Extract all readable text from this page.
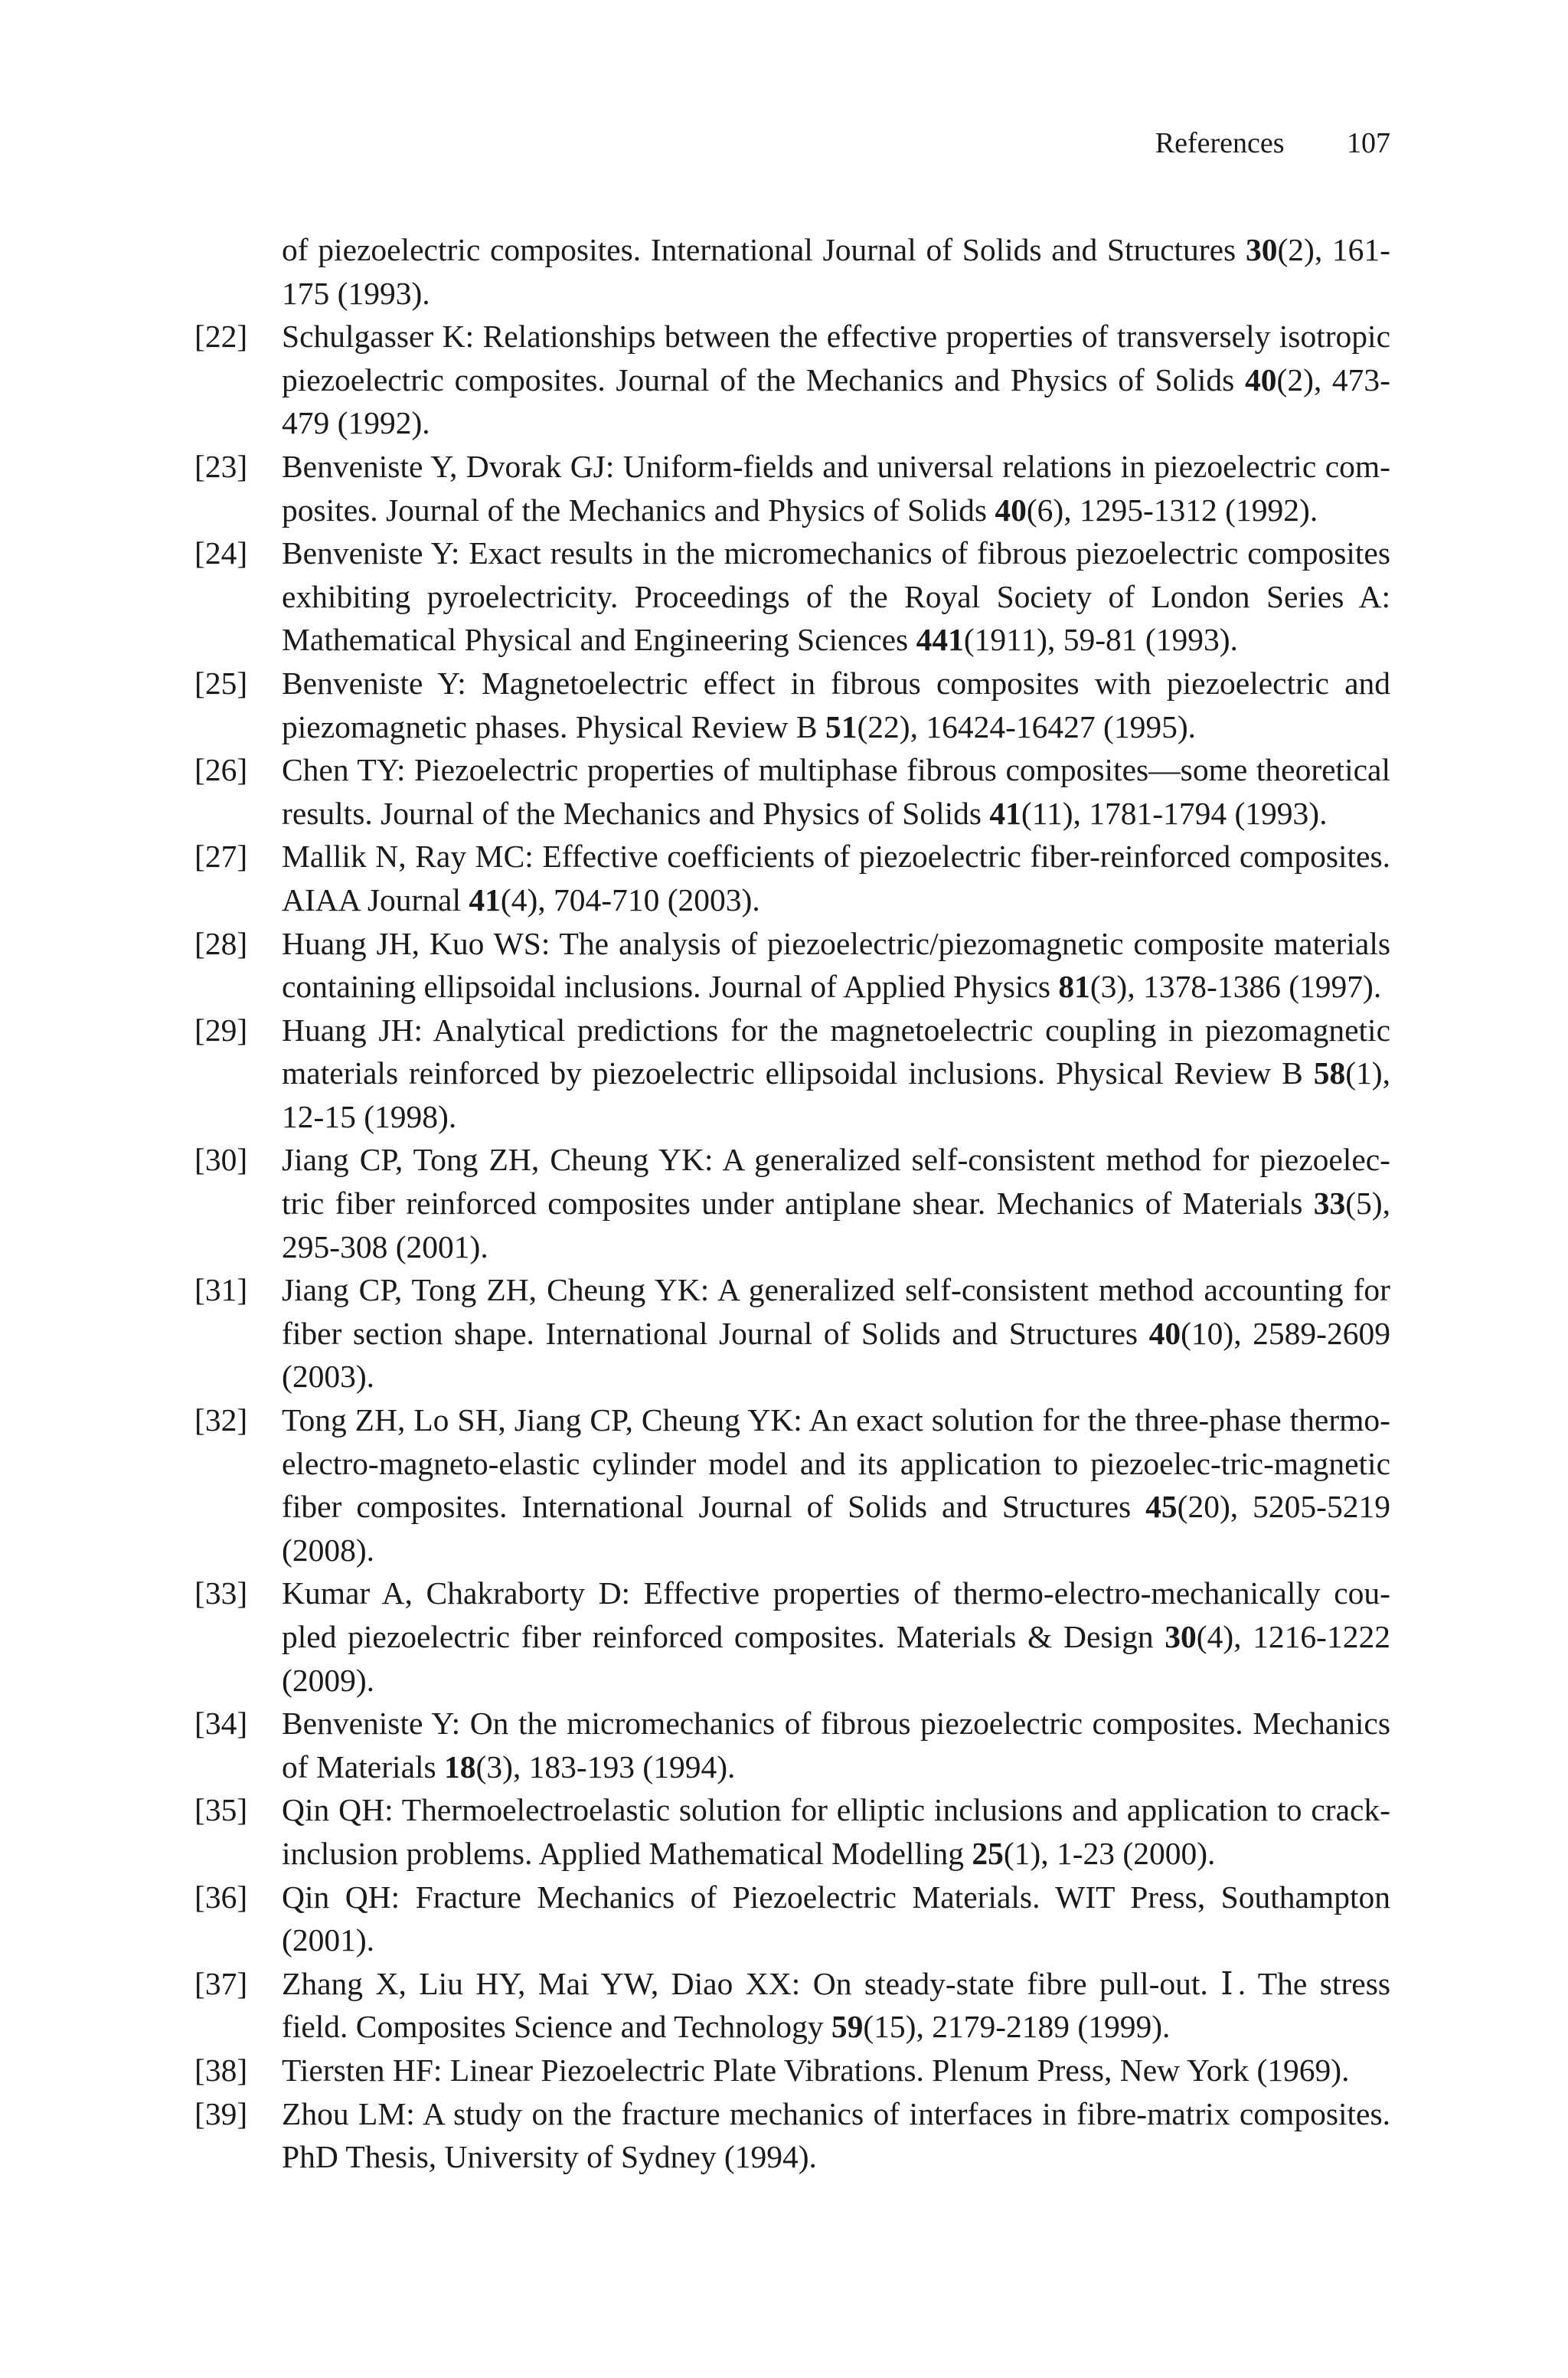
References 107
of piezoelectric composites. International Journal of Solids and Structures 30(2), 161-175 (1993).
[22] Schulgasser K: Relationships between the effective properties of transversely isotropic piezoelectric composites. Journal of the Mechanics and Physics of Solids 40(2), 473-479 (1992).
[23] Benveniste Y, Dvorak GJ: Uniform-fields and universal relations in piezoelectric com-posites. Journal of the Mechanics and Physics of Solids 40(6), 1295-1312 (1992).
[24] Benveniste Y: Exact results in the micromechanics of fibrous piezoelectric composites exhibiting pyroelectricity. Proceedings of the Royal Society of London Series A: Mathematical Physical and Engineering Sciences 441(1911), 59-81 (1993).
[25] Benveniste Y: Magnetoelectric effect in fibrous composites with piezoelectric and piezomagnetic phases. Physical Review B 51(22), 16424-16427 (1995).
[26] Chen TY: Piezoelectric properties of multiphase fibrous composites—some theoretical results. Journal of the Mechanics and Physics of Solids 41(11), 1781-1794 (1993).
[27] Mallik N, Ray MC: Effective coefficients of piezoelectric fiber-reinforced composites. AIAA Journal 41(4), 704-710 (2003).
[28] Huang JH, Kuo WS: The analysis of piezoelectric/piezomagnetic composite materials containing ellipsoidal inclusions. Journal of Applied Physics 81(3), 1378-1386 (1997).
[29] Huang JH: Analytical predictions for the magnetoelectric coupling in piezomagnetic materials reinforced by piezoelectric ellipsoidal inclusions. Physical Review B 58(1), 12-15 (1998).
[30] Jiang CP, Tong ZH, Cheung YK: A generalized self-consistent method for piezoelec-tric fiber reinforced composites under antiplane shear. Mechanics of Materials 33(5), 295-308 (2001).
[31] Jiang CP, Tong ZH, Cheung YK: A generalized self-consistent method accounting for fiber section shape. International Journal of Solids and Structures 40(10), 2589-2609 (2003).
[32] Tong ZH, Lo SH, Jiang CP, Cheung YK: An exact solution for the three-phase thermo-electro-magneto-elastic cylinder model and its application to piezoelec-tric-magnetic fiber composites. International Journal of Solids and Structures 45(20), 5205-5219 (2008).
[33] Kumar A, Chakraborty D: Effective properties of thermo-electro-mechanically cou-pled piezoelectric fiber reinforced composites. Materials & Design 30(4), 1216-1222 (2009).
[34] Benveniste Y: On the micromechanics of fibrous piezoelectric composites. Mechanics of Materials 18(3), 183-193 (1994).
[35] Qin QH: Thermoelectroelastic solution for elliptic inclusions and application to crack-inclusion problems. Applied Mathematical Modelling 25(1), 1-23 (2000).
[36] Qin QH: Fracture Mechanics of Piezoelectric Materials. WIT Press, Southampton (2001).
[37] Zhang X, Liu HY, Mai YW, Diao XX: On steady-state fibre pull-out. Ⅰ. The stress field. Composites Science and Technology 59(15), 2179-2189 (1999).
[38] Tiersten HF: Linear Piezoelectric Plate Vibrations. Plenum Press, New York (1969).
[39] Zhou LM: A study on the fracture mechanics of interfaces in fibre-matrix composites. PhD Thesis, University of Sydney (1994).
